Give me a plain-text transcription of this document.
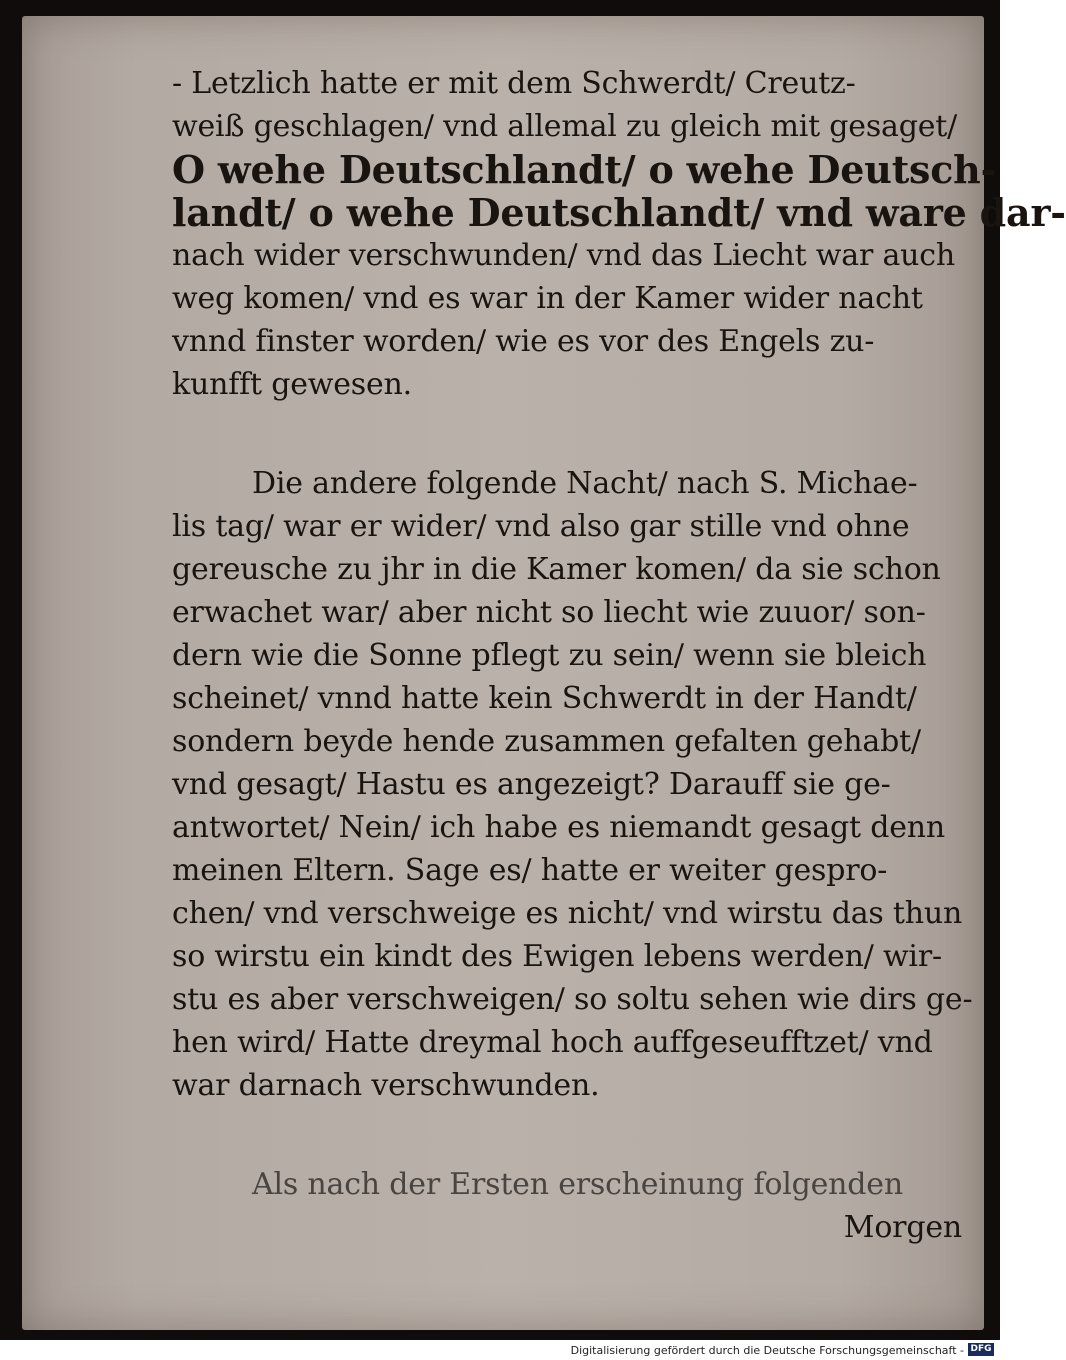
- Letzlich hatte er mit dem Schwerdt/ Creutz-
weiß geschlagen/ vnd allemal zu gleich mit gesaget/
O wehe Deutschlandt/ o wehe Deutsch-
landt/ o wehe Deutschlandt/ vnd ware dar-
nach wider verschwunden/ vnd das Liecht war auch
weg komen/ vnd es war in der Kamer wider nacht
vnnd finster worden/ wie es vor des Engels zu-
kunfft gewesen.
Die andere folgende Nacht/ nach S. Michae-
lis tag/ war er wider/ vnd also gar stille vnd ohne
gereusche zu jhr in die Kamer komen/ da sie schon
erwachet war/ aber nicht so liecht wie zuuor/ son-
dern wie die Sonne pflegt zu sein/ wenn sie bleich
scheinet/ vnnd hatte kein Schwerdt in der Handt/
sondern beyde hende zusammen gefalten gehabt/
vnd gesagt/ Hastu es angezeigt? Darauff sie ge-
antwortet/ Nein/ ich habe es niemandt gesagt denn
meinen Eltern. Sage es/ hatte er weiter gespro-
chen/ vnd verschweige es nicht/ vnd wirstu das thun
so wirstu ein kindt des Ewigen lebens werden/ wir-
stu es aber verschweigen/ so soltu sehen wie dirs ge-
hen wird/ Hatte dreymal hoch auffgeseufftzet/ vnd
war darnach verschwunden.
Als nach der Ersten erscheinung folgenden
Morgen
Digitalisierung gefördert durch die Deutsche Forschungsgemeinschaft - DFG
